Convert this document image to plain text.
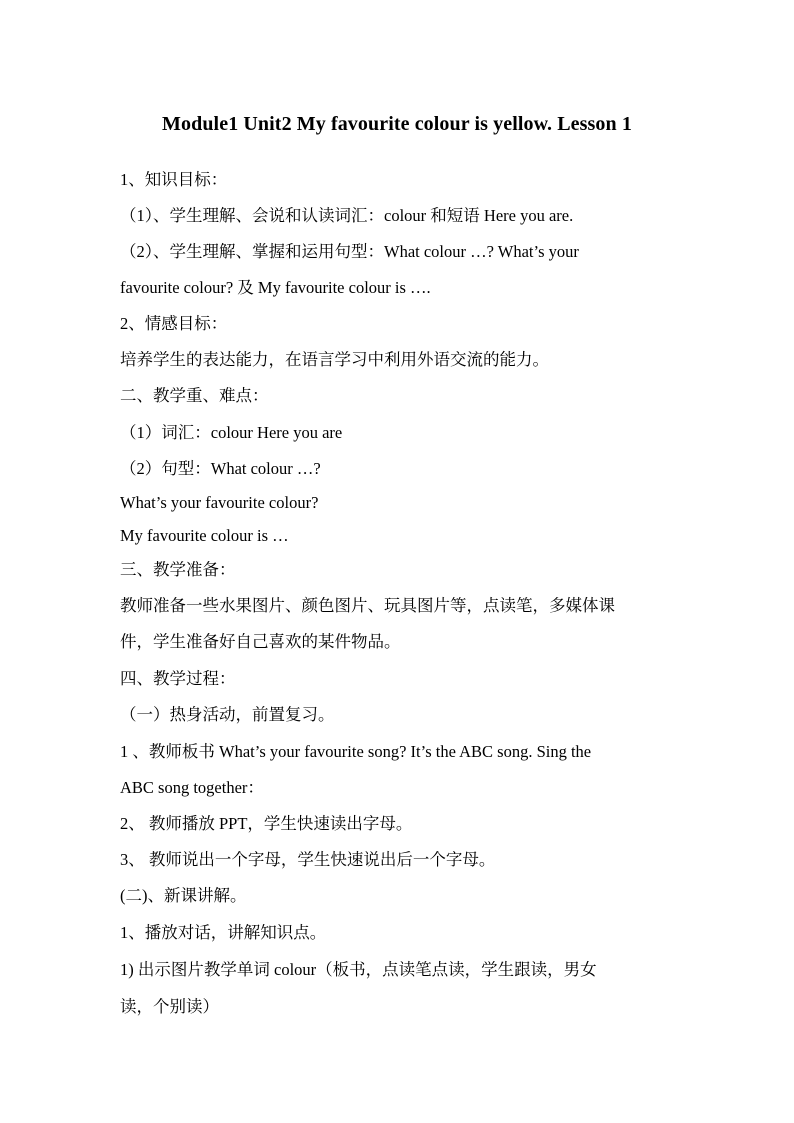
Module1 Unit2 My favourite colour is yellow. Lesson 1
1、知识目标：
（1）、学生理解、会说和认读词汇：colour 和短语 Here you are.
（2）、学生理解、掌握和运用句型：What colour …? What’s your
favourite colour? 及 My favourite colour is ….
2、情感目标：
培养学生的表达能力，在语言学习中利用外语交流的能力。
二、教学重、难点：
（1）词汇：colour Here you are
（2）句型：What colour …?
What’s your favourite colour?
My favourite colour is …
三、教学准备：
教师准备一些水果图片、颜色图片、玩具图片等，点读笔，多媒体课
件，学生准备好自己喜欢的某件物品。
四、教学过程：
（一）热身活动，前置复习。
1 、教师板书 What’s your favourite song? It’s the ABC song. Sing the
ABC song together：
2、 教师播放 PPT，学生快速读出字母。
3、 教师说出一个字母，学生快速说出后一个字母。
(二)、新课讲解。
1、播放对话，讲解知识点。
1) 出示图片教学单词 colour（板书，点读笔点读，学生跟读，男女
读，个别读）
